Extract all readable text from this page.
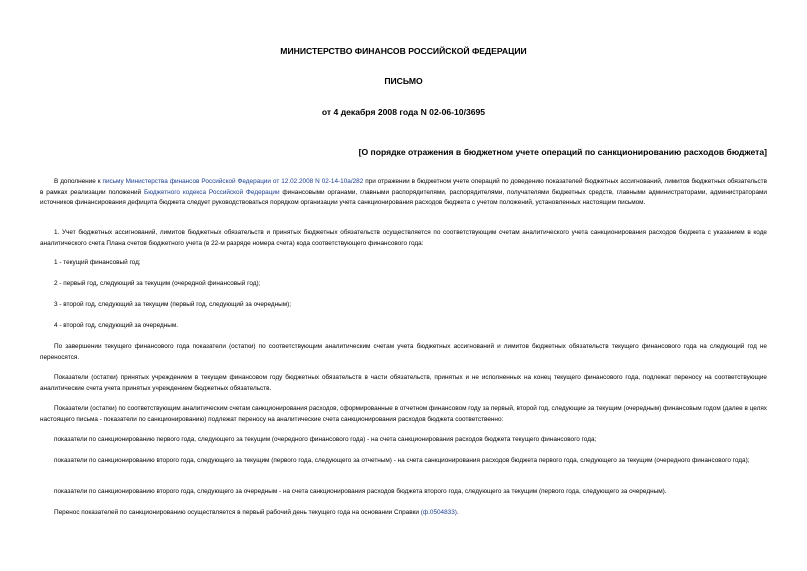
МИНИСТЕРСТВО ФИНАНСОВ РОССИЙСКОЙ ФЕДЕРАЦИИ
ПИСЬМО
от 4 декабря 2008 года N 02-06-10/3695
[О порядке отражения в бюджетном учете операций по санкционированию расходов бюджета]

В дополнение к письму Министерства финансов Российской Федерации от 12.02.2008 N 02-14-10а/282 при отражении в бюджетном учете операций по доведению показателей бюджетных ассигнований, лимитов бюджетных обязательств в рамках реализации положений Бюджетного кодекса Российской Федерации финансовыми органами, главными распорядителями, распорядителями, получателями бюджетных средств, главными администраторами, администраторами источников финансирования дефицита бюджета следует руководствоваться порядком организации учета санкционирования расходов бюджета с учетом положений, установленных настоящим письмом.

1. Учет бюджетных ассигнований, лимитов бюджетных обязательств и принятых бюджетных обязательств осуществляется по соответствующим счетам аналитического учета санкционирования расходов бюджета с указанием в коде аналитического счета Плана счетов бюджетного учета (в 22-м разряде номера счета) кода соответствующего финансового года:

1 - текущий финансовый год;

2 - первый год, следующий за текущим (очередной финансовый год);

3 - второй год, следующий за текущим (первый год, следующий за очередным);

4 - второй год, следующий за очередным.

По завершении текущего финансового года показатели (остатки) по соответствующим аналитическим счетам учета бюджетных ассигнований и лимитов бюджетных обязательств текущего финансового года на следующий год не переносятся.

Показатели (остатки) принятых учреждением в текущем финансовом году бюджетных обязательств в части обязательств, принятых и не исполненных на конец текущего финансового года, подлежат переносу на соответствующие аналитические счета учета принятых учреждением бюджетных обязательств.

Показатели (остатки) по соответствующим аналитическим счетам санкционирования расходов, сформированные в отчетном финансовом году за первый, второй год, следующие за текущим (очередным) финансовым годом (далее в целях настоящего письма - показатели по санкционированию) подлежат переносу на аналитические счета санкционирования расходов бюджета соответственно:

показатели по санкционированию первого года, следующего за текущим (очередного финансового года) - на счета санкционирования расходов бюджета текущего финансового года;

показатели по санкционированию второго года, следующего за текущим (первого года, следующего за отчетным) - на счета санкционирования расходов бюджета первого года, следующего за текущим (очередного финансового года);

показатели по санкционированию второго года, следующего за очередным - на счета санкционирования расходов бюджета второго года, следующего за текущим (первого года, следующего за очередным).

Перенос показателей по санкционированию осуществляется в первый рабочий день текущего года на основании Справки (ф.0504833).
